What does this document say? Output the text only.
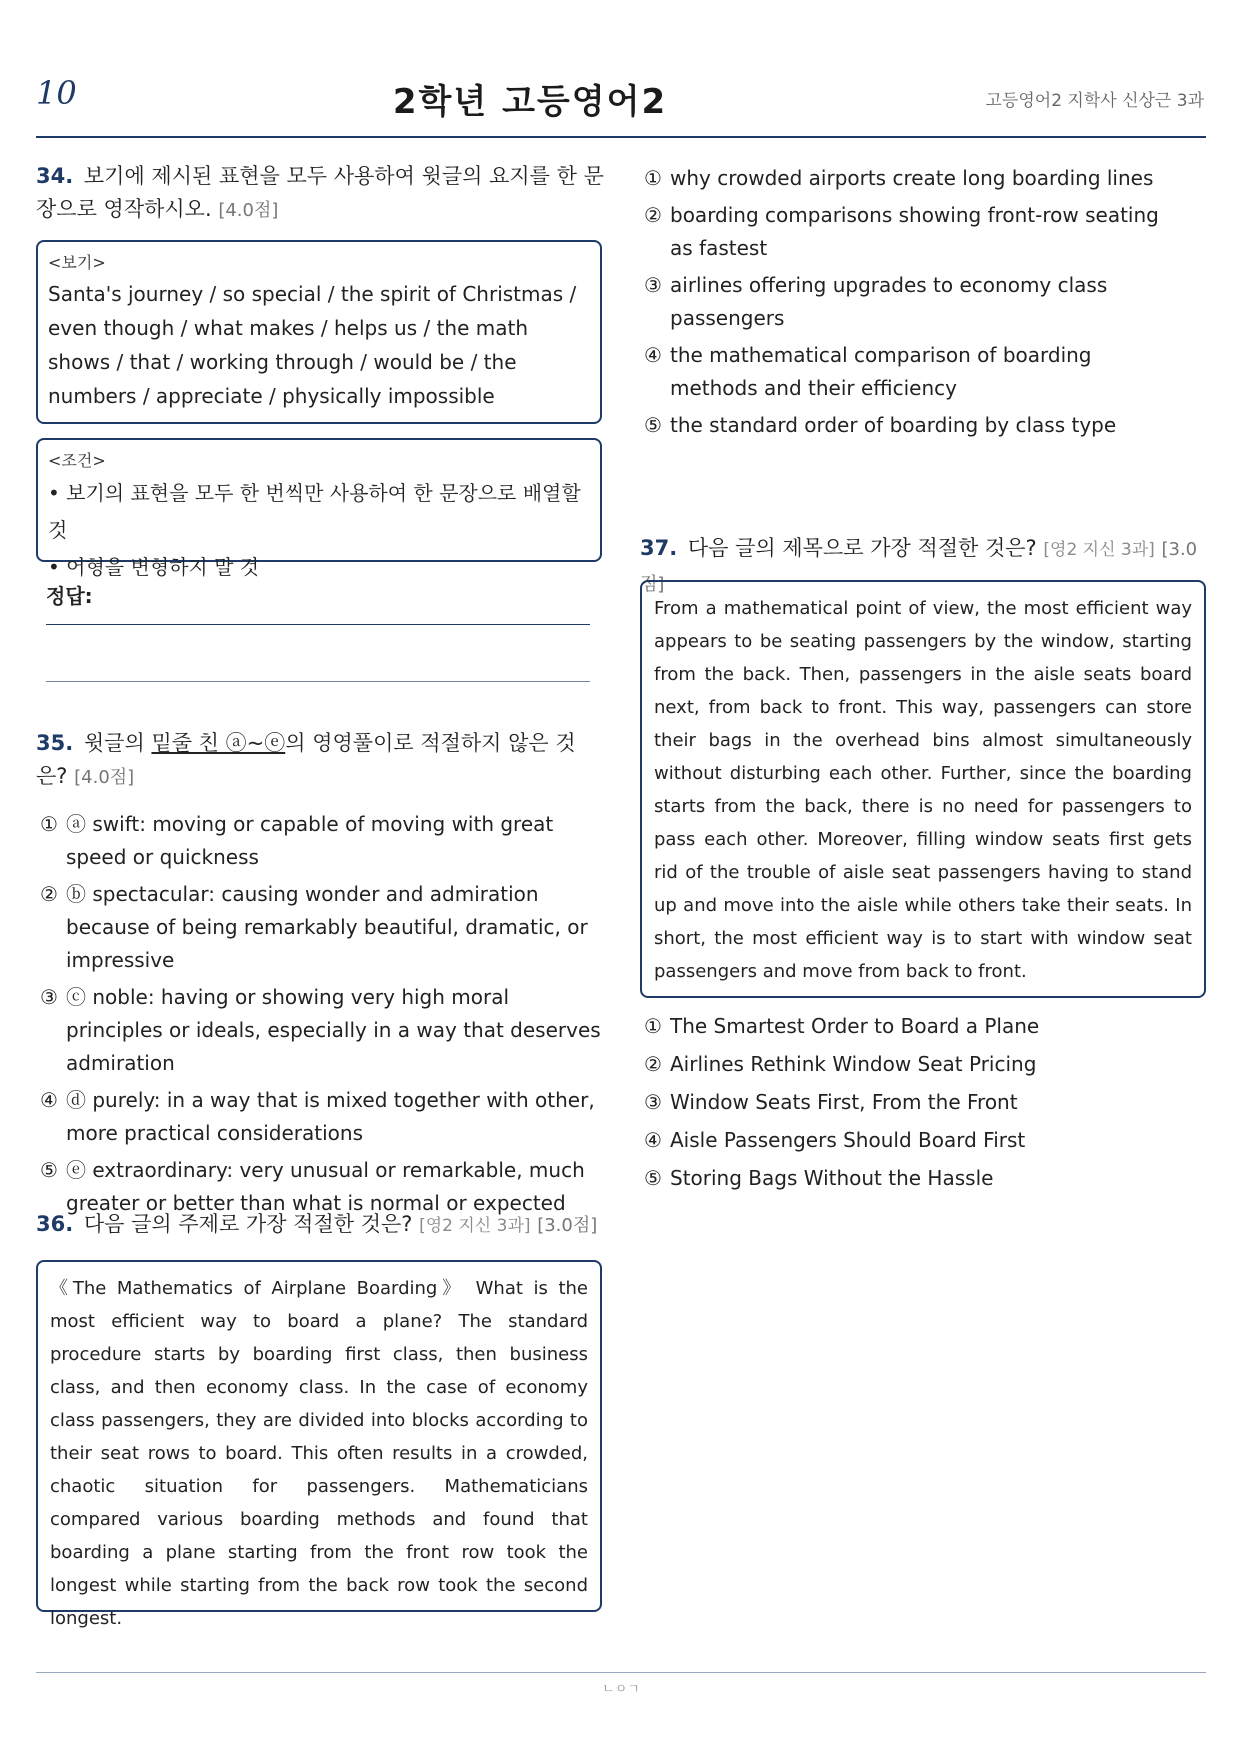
10	2학년 고등영어2	고등영어2 지학사 신상근 3과
34. 보기에 제시된 표현을 모두 사용하여 윗글의 요지를 한 문장으로 영작하시오. [4.0점]
<보기>
Santa's journey / so special / the spirit of Christmas / even though / what makes / helps us / the math shows / that / working through / would be / the numbers / appreciate / physically impossible
<조건>
• 보기의 표현을 모두 한 번씩만 사용하여 한 문장으로 배열할 것
• 어형을 변형하지 말 것
정답:
35. 윗글의 밑줄 친 ⓐ~ⓔ의 영영풀이로 적절하지 않은 것은? [4.0점]
① ⓐ swift: moving or capable of moving with great speed or quickness
② ⓑ spectacular: causing wonder and admiration because of being remarkably beautiful, dramatic, or impressive
③ ⓒ noble: having or showing very high moral principles or ideals, especially in a way that deserves admiration
④ ⓓ purely: in a way that is mixed together with other, more practical considerations
⑤ ⓔ extraordinary: very unusual or remarkable, much greater or better than what is normal or expected
36. 다음 글의 주제로 가장 적절한 것은? [영2 지신 3과] [3.0점]
《The Mathematics of Airplane Boarding》 What is the most efficient way to board a plane? The standard procedure starts by boarding first class, then business class, and then economy class. In the case of economy class passengers, they are divided into blocks according to their seat rows to board. This often results in a crowded, chaotic situation for passengers. Mathematicians compared various boarding methods and found that boarding a plane starting from the front row took the longest while starting from the back row took the second longest.
① why crowded airports create long boarding lines
② boarding comparisons showing front-row seating as fastest
③ airlines offering upgrades to economy class passengers
④ the mathematical comparison of boarding methods and their efficiency
⑤ the standard order of boarding by class type
37. 다음 글의 제목으로 가장 적절한 것은? [영2 지신 3과] [3.0점]
From a mathematical point of view, the most efficient way appears to be seating passengers by the window, starting from the back. Then, passengers in the aisle seats board next, from back to front. This way, passengers can store their bags in the overhead bins almost simultaneously without disturbing each other. Further, since the boarding starts from the back, there is no need for passengers to pass each other. Moreover, filling window seats first gets rid of the trouble of aisle seat passengers having to stand up and move into the aisle while others take their seats. In short, the most efficient way is to start with window seat passengers and move from back to front.
① The Smartest Order to Board a Plane
② Airlines Rethink Window Seat Pricing
③ Window Seats First, From the Front
④ Aisle Passengers Should Board First
⑤ Storing Bags Without the Hassle
ㄴㅇㄱ
